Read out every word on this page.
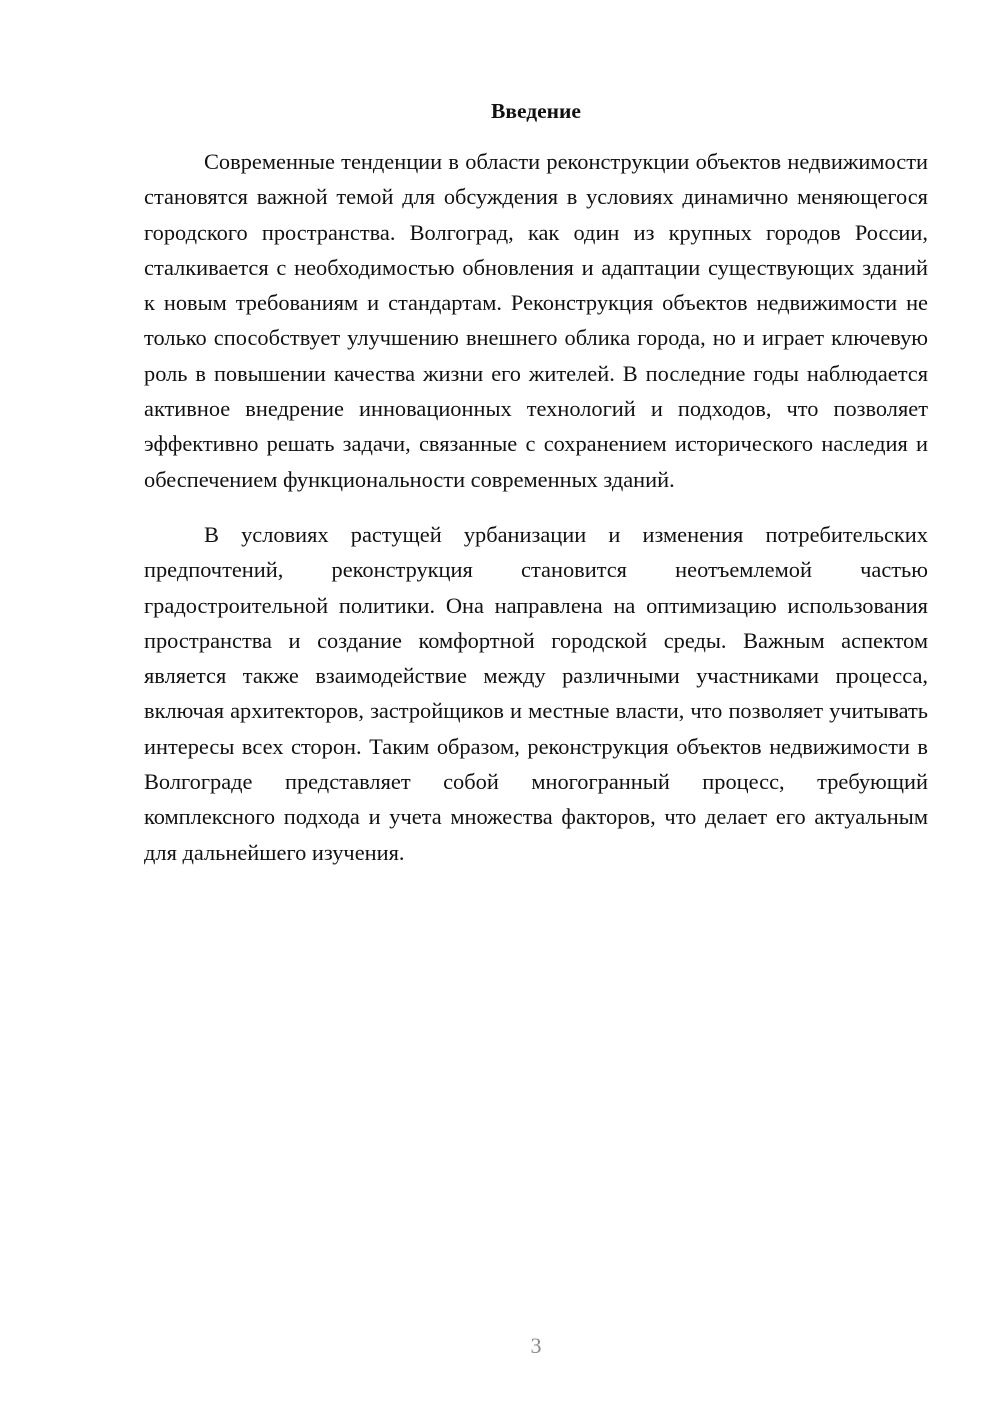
Введение

Современные тенденции в области реконструкции объектов недвижимости становятся важной темой для обсуждения в условиях динамично меняющегося городского пространства. Волгоград, как один из крупных городов России, сталкивается с необходимостью обновления и адаптации существующих зданий к новым требованиям и стандартам. Реконструкция объектов недвижимости не только способствует улучшению внешнего облика города, но и играет ключевую роль в повышении качества жизни его жителей. В последние годы наблюдается активное внедрение инновационных технологий и подходов, что позволяет эффективно решать задачи, связанные с сохранением исторического наследия и обеспечением функциональности современных зданий.

В условиях растущей урбанизации и изменения потребительских предпочтений, реконструкция становится неотъемлемой частью градостроительной политики. Она направлена на оптимизацию использования пространства и создание комфортной городской среды. Важным аспектом является также взаимодействие между различными участниками процесса, включая архитекторов, застройщиков и местные власти, что позволяет учитывать интересы всех сторон. Таким образом, реконструкция объектов недвижимости в Волгограде представляет собой многогранный процесс, требующий комплексного подхода и учета множества факторов, что делает его актуальным для дальнейшего изучения.

3
